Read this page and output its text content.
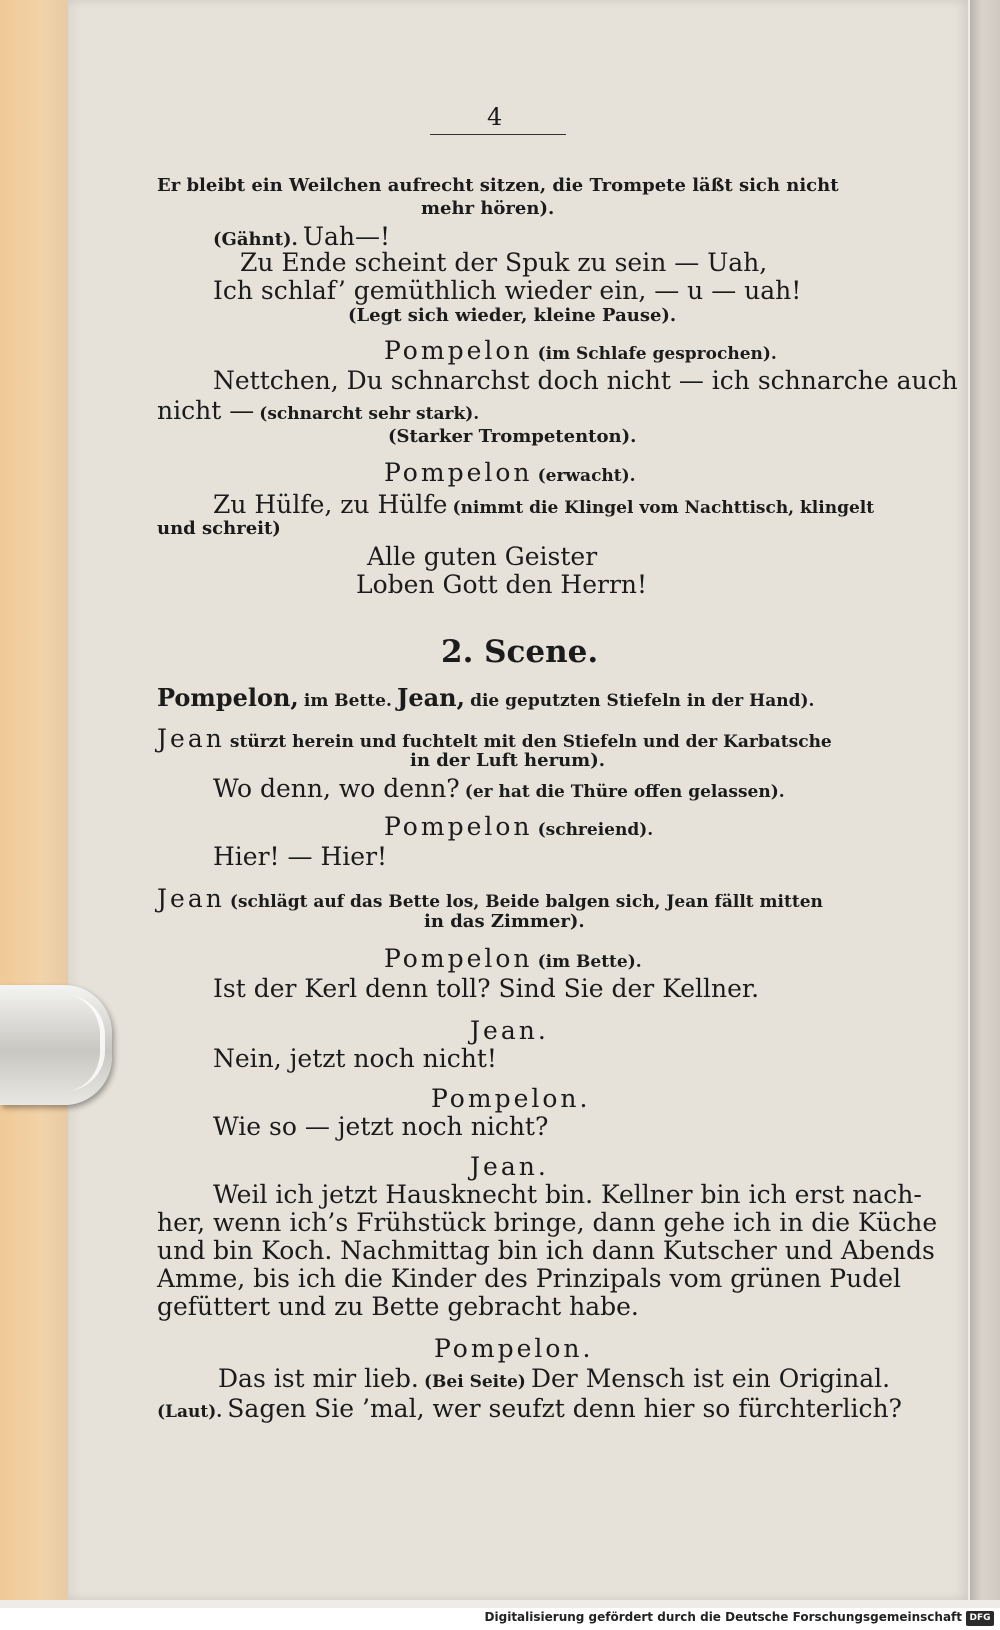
4
Er bleibt ein Weilchen aufrecht sitzen, die Trompete läßt sich nicht
mehr hören).
(Gähnt). Uah—!
Zu Ende scheint der Spuk zu sein — Uah,
Ich schlaf’ gemüthlich wieder ein, — u — uah!
(Legt sich wieder, kleine Pause).
Pompelon (im Schlafe gesprochen).
Nettchen, Du schnarchst doch nicht — ich schnarche auch
nicht — (schnarcht sehr stark).
(Starker Trompetenton).
Pompelon (erwacht).
Zu Hülfe, zu Hülfe (nimmt die Klingel vom Nachttisch, klingelt
und schreit)
Alle guten Geister
Loben Gott den Herrn!
2. Scene.
Pompelon, im Bette. Jean, die geputzten Stiefeln in der Hand).
Jean stürzt herein und fuchtelt mit den Stiefeln und der Karbatsche
in der Luft herum).
Wo denn, wo denn? (er hat die Thüre offen gelassen).
Pompelon (schreiend).
Hier! — Hier!
Jean (schlägt auf das Bette los, Beide balgen sich, Jean fällt mitten
in das Zimmer).
Pompelon (im Bette).
Ist der Kerl denn toll? Sind Sie der Kellner.
Jean.
Nein, jetzt noch nicht!
Pompelon.
Wie so — jetzt noch nicht?
Jean.
Weil ich jetzt Hausknecht bin. Kellner bin ich erst nach-
her, wenn ich’s Frühstück bringe, dann gehe ich in die Küche
und bin Koch. Nachmittag bin ich dann Kutscher und Abends
Amme, bis ich die Kinder des Prinzipals vom grünen Pudel
gefüttert und zu Bette gebracht habe.
Pompelon.
Das ist mir lieb. (Bei Seite) Der Mensch ist ein Original.
(Laut). Sagen Sie ’mal, wer seufzt denn hier so fürchterlich?
Digitalisierung gefördert durch die Deutsche Forschungsgemeinschaft DFG
